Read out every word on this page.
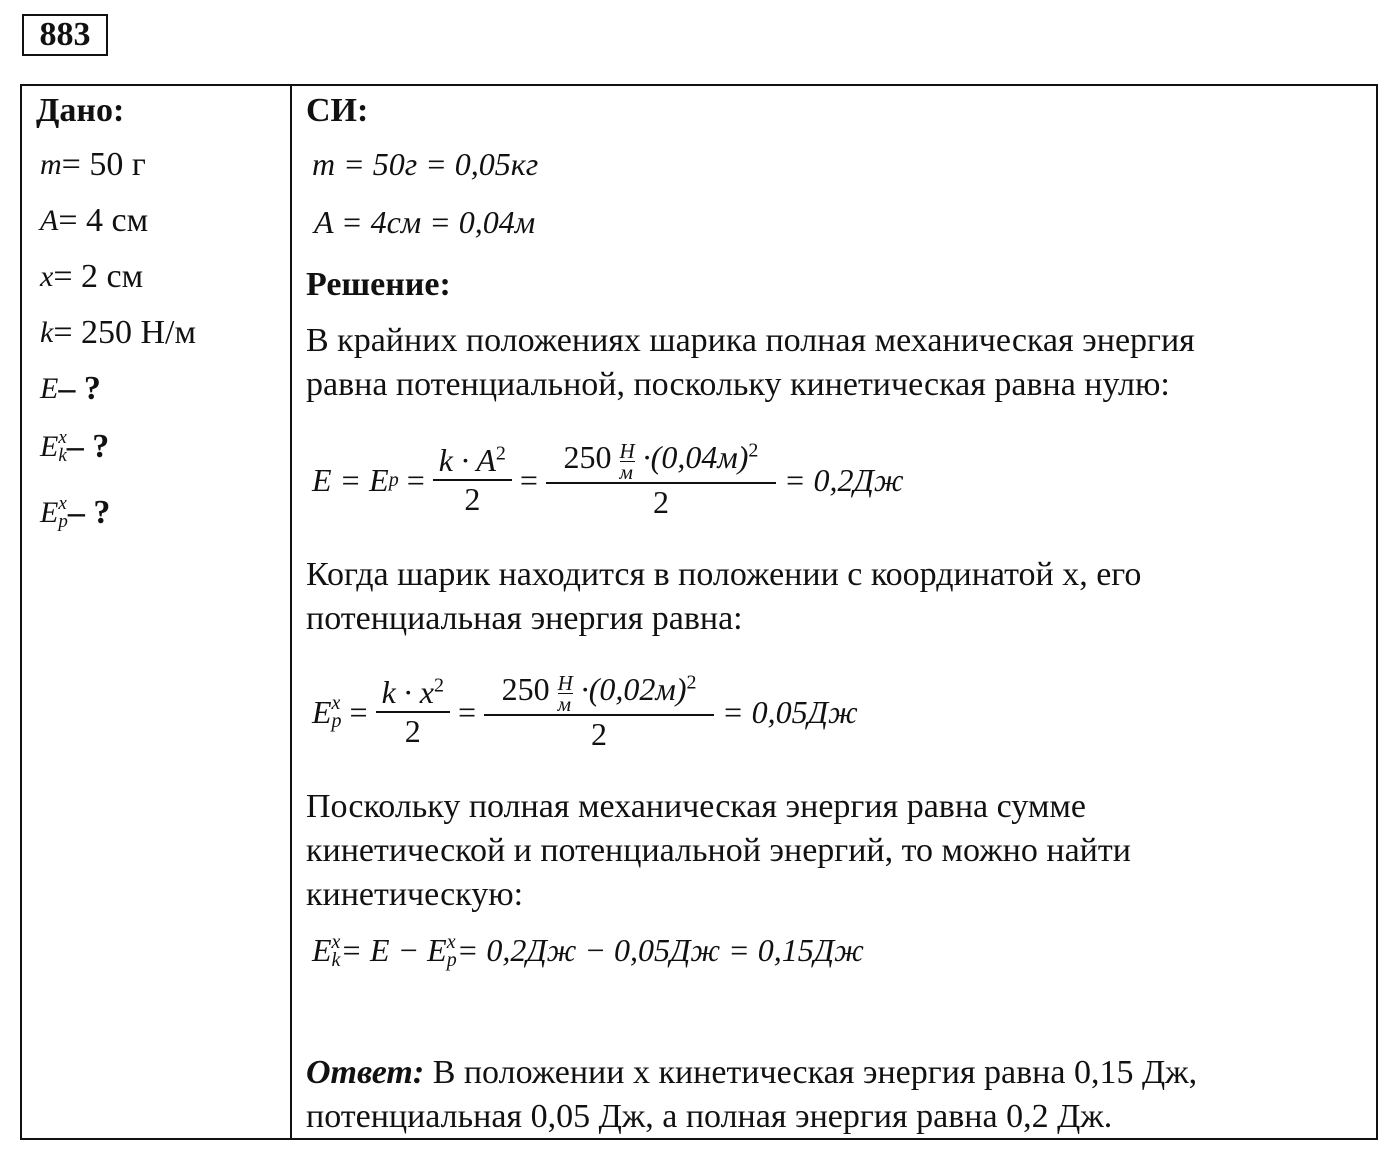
883
Дано:
m = 50 г
A = 4 см
x = 2 см
k = 250 Н/м
E – ?
E x
k – ?
E x
p – ?
СИ:
m = 50г = 0,05кг
A = 4см = 0,04м
Решение:
В крайних положениях шарика полная механическая энергия
равна потенциальной, поскольку кинетическая равна нулю:
E = E $p = \frac{k \cdot A^2}{2} = 250$ Н
$м \cdot(0,04м)^2$
2
= 0,2Дж
Когда шарик находится в положении с координатой х, его
потенциальная энергия равна:
E x
$p = \frac{k \cdot x^2}{2} = 250$ Н
$м \cdot(0,02м)^2$
2
= 0,05Дж
Поскольку полная механическая энергия равна сумме
кинетической и потенциальной энергий, то можно найти
кинетическую:
E x
k = E − E x
p = 0,2Дж − 0,05Дж = 0,15Дж
Ответ: В положении х кинетическая энергия равна 0,15 Дж,
потенциальная 0,05 Дж, а полная энергия равна 0,2 Дж.
